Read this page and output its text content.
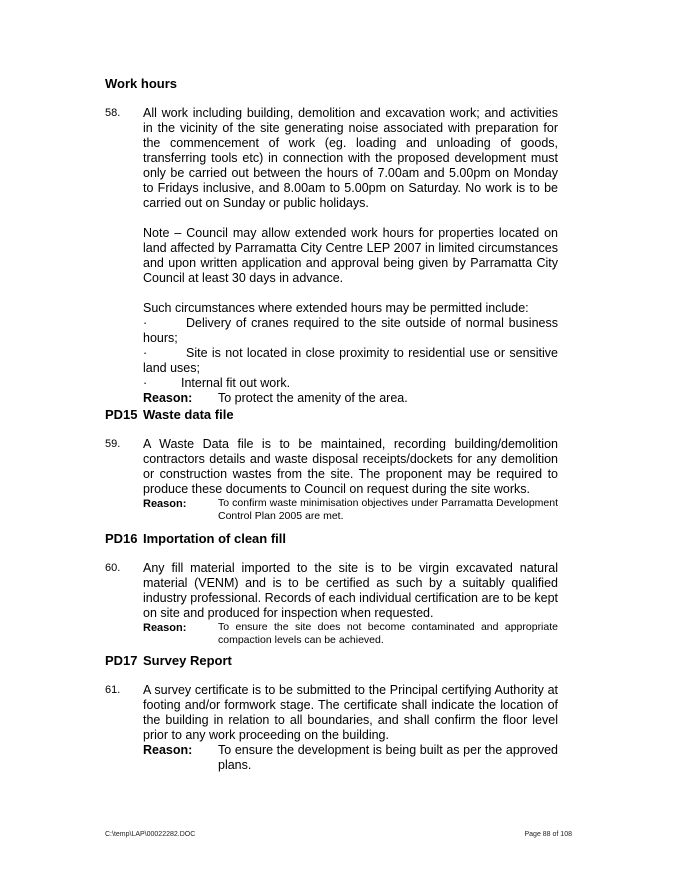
Work hours
58. All work including building, demolition and excavation work; and activities in the vicinity of the site generating noise associated with preparation for the commencement of work (eg. loading and unloading of goods, transferring tools etc) in connection with the proposed development must only be carried out between the hours of 7.00am and 5.00pm on Monday to Fridays inclusive, and 8.00am to 5.00pm on Saturday. No work is to be carried out on Sunday or public holidays.

Note – Council may allow extended work hours for properties located on land affected by Parramatta City Centre LEP 2007 in limited circumstances and upon written application and approval being given by Parramatta City Council at least 30 days in advance.

Such circumstances where extended hours may be permitted include:

·	Delivery of cranes required to the site outside of normal business hours;
·	Site is not located in close proximity to residential use or sensitive land uses;
·	Internal fit out work.
Reason:	To protect the amenity of the area.
PD15 Waste data file
59. A Waste Data file is to be maintained, recording building/demolition contractors details and waste disposal receipts/dockets for any demolition or construction wastes from the site. The proponent may be required to produce these documents to Council on request during the site works.

Reason:	To confirm waste minimisation objectives under Parramatta Development Control Plan 2005 are met.
PD16 Importation of clean fill
60. Any fill material imported to the site is to be virgin excavated natural material (VENM) and is to be certified as such by a suitably qualified industry professional. Records of each individual certification are to be kept on site and produced for inspection when requested.

Reason:	To ensure the site does not become contaminated and appropriate compaction levels can be achieved.
PD17 Survey Report
61. A survey certificate is to be submitted to the Principal certifying Authority at footing and/or formwork stage. The certificate shall indicate the location of the building in relation to all boundaries, and shall confirm the floor level prior to any work proceeding on the building.

Reason:	To ensure the development is being built as per the approved plans.
C:\temp\LAP\00022282.DOC	Page 88 of 108
